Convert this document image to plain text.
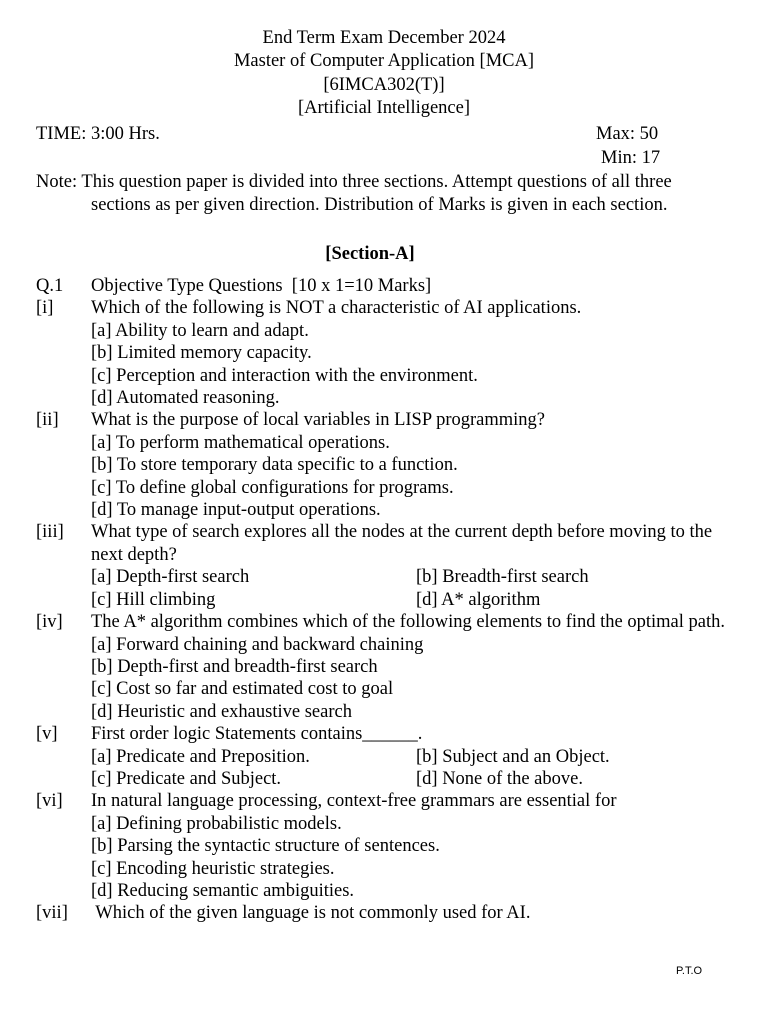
End Term Exam December 2024
Master of Computer Application [MCA]
[6IMCA302(T)]
[Artificial Intelligence]
TIME: 3:00 Hrs.	Max: 50
Min: 17
Note: This question paper is divided into three sections. Attempt questions of all three sections as per given direction. Distribution of Marks is given in each section.
[Section-A]
Q.1	Objective Type Questions  [10 x 1=10 Marks]
[i]	Which of the following is NOT a characteristic of AI applications.
[a] Ability to learn and adapt.
[b] Limited memory capacity.
[c] Perception and interaction with the environment.
[d] Automated reasoning.
[ii]	What is the purpose of local variables in LISP programming?
[a] To perform mathematical operations.
[b] To store temporary data specific to a function.
[c] To define global configurations for programs.
[d] To manage input-output operations.
[iii]	What type of search explores all the nodes at the current depth before moving to the next depth?
[a] Depth-first search	[b] Breadth-first search
[c] Hill climbing	[d] A* algorithm
[iv]	The A* algorithm combines which of the following elements to find the optimal path.
[a] Forward chaining and backward chaining
[b] Depth-first and breadth-first search
[c] Cost so far and estimated cost to goal
[d] Heuristic and exhaustive search
[v]	First order logic Statements contains______.
[a] Predicate and Preposition.	[b] Subject and an Object.
[c] Predicate and Subject.	[d] None of the above.
[vi]	In natural language processing, context-free grammars are essential for
[a] Defining probabilistic models.
[b] Parsing the syntactic structure of sentences.
[c] Encoding heuristic strategies.
[d] Reducing semantic ambiguities.
[vii]	Which of the given language is not commonly used for AI.
P.T.O
